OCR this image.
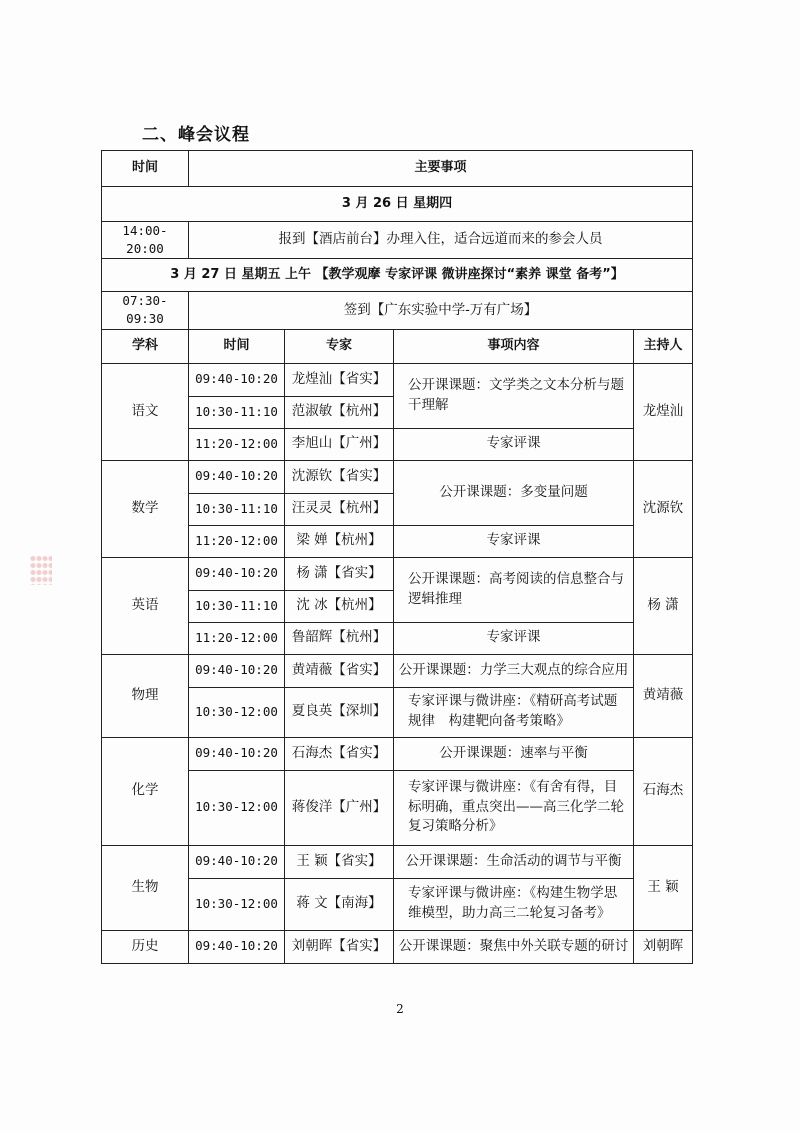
二、峰会议程
时间	主要事项			
3 月 26 日 星期四				
14:00-20:00	报到【酒店前台】办理入住，适合远道而来的参会人员			
3 月 27 日 星期五 上午 【教学观摩 专家评课 微讲座探讨“素养 课堂 备考”】				
07:30-09:30	签到【广东实验中学-万有广场】			
学科	时间	专家	事项内容	主持人
语文	09:40-10:20	龙煌汕【省实】	公开课课题：文学类之文本分析与题干理解	龙煌汕
	10:30-11:10	范淑敏【杭州】		
	11:20-12:00	李旭山【广州】	专家评课	
数学	09:40-10:20	沈源钦【省实】	公开课课题：多变量问题	沈源钦
	10:30-11:10	汪灵灵【杭州】		
	11:20-12:00	梁 婵【杭州】	专家评课	
英语	09:40-10:20	杨 潇【省实】	公开课课题：高考阅读的信息整合与逻辑推理	杨 潇
	10:30-11:10	沈 冰【杭州】		
	11:20-12:00	鲁韶辉【杭州】	专家评课	
物理	09:40-10:20	黄靖薇【省实】	公开课课题：力学三大观点的综合应用	黄靖薇
	10:30-12:00	夏良英【深圳】	专家评课与微讲座：《精研高考试题规律　构建靶向备考策略》	
化学	09:40-10:20	石海杰【省实】	公开课课题：速率与平衡	石海杰
	10:30-12:00	蒋俊洋【广州】	专家评课与微讲座：《有舍有得，目标明确，重点突出——高三化学二轮复习策略分析》	
生物	09:40-10:20	王 颖【省实】	公开课课题：生命活动的调节与平衡	王 颖
	10:30-12:00	蒋 文【南海】	专家评课与微讲座：《构建生物学思维模型，助力高三二轮复习备考》	
历史	09:40-10:20	刘朝晖【省实】	公开课课题：聚焦中外关联专题的研讨	刘朝晖
2
